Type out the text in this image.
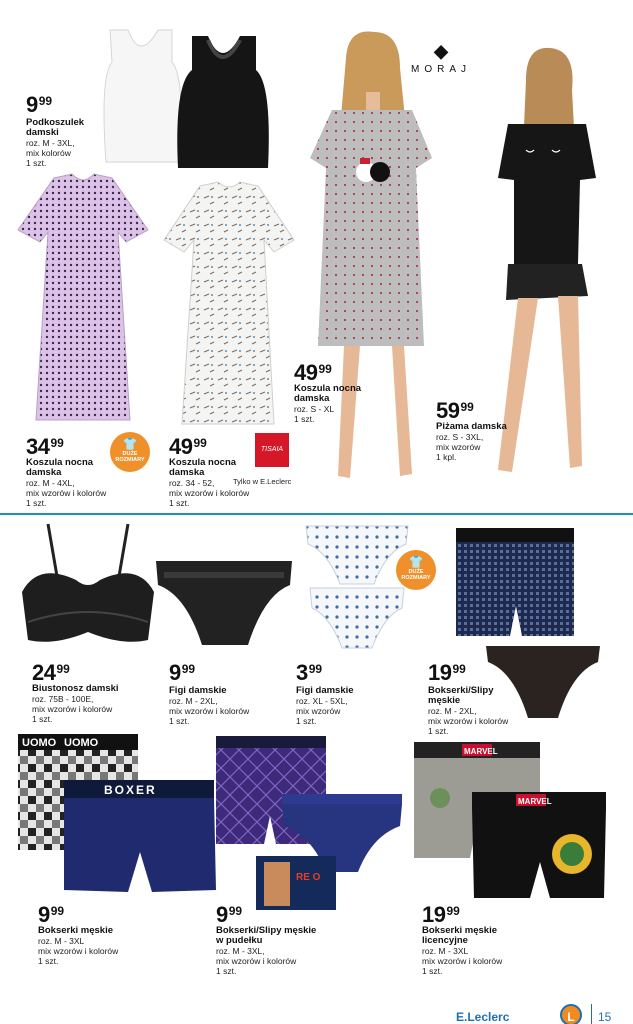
◆
MORAJ
$9^{99}$
Podkoszulek
damski
roz. M - 3XL,
mix kolorów
1 szt.
$34^{99}$
Koszula nocna
damska
roz. M - 4XL,
mix wzorów i kolorów
1 szt.
👕
DUŻE
ROZMIARY
$49^{99}$
Koszula nocna
damska
roz. 34 - 52,
mix wzorów i kolorów
1 szt.
TISAIA
Tylko w E.Leclerc
$49^{99}$
Koszula nocna
damska
roz. S - XL
1 szt.	$59^{99}$
Piżama damska
roz. S - 3XL,
mix wzorów
1 kpl.
👕
DUŻE
ROZMIARY
$24^{99}$
Biustonosz damski
roz. 75B - 100E,
mix wzorów i kolorów
1 szt.
$9^{99}$
Figi damskie
roz. M - 2XL,
mix wzorów i kolorów
1 szt.
$3^{99}$
Figi damskie
roz. XL - 5XL,
mix wzorów
1 szt.
$19^{99}$
Bokserki/Slipy
męskie
roz. M - 2XL,
mix wzorów i kolorów
1 szt.
UOMO UOMO
BOXER
RE O
MARVEL
MARVEL
$9^{99}$
Bokserki męskie
roz. M - 3XL
mix wzorów i kolorów
1 szt.
$9^{99}$
Bokserki/Slipy męskie
w pudełku
roz. M - 3XL,
mix wzorów i kolorów
1 szt.
$19^{99}$
Bokserki męskie
licencyjne
roz. M - 3XL
mix wzorów i kolorów
1 szt.
E.Leclerc	L	15
